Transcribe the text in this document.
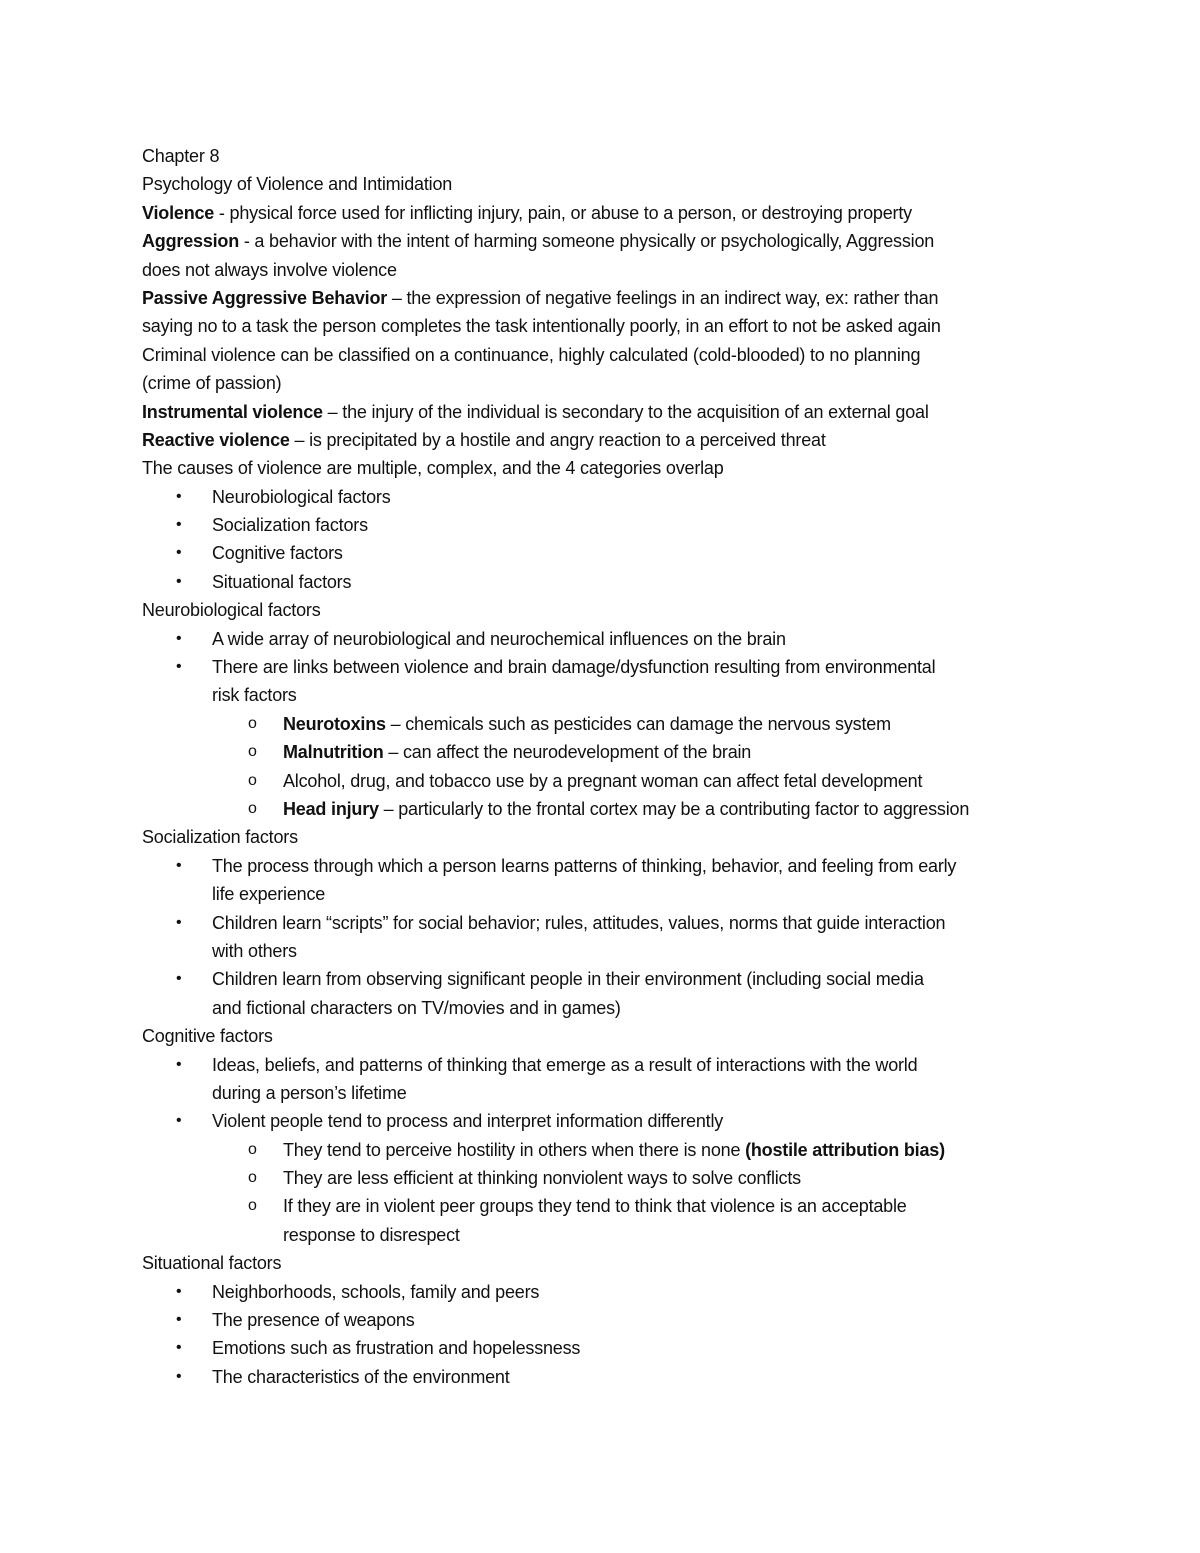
Chapter 8
Psychology of Violence and Intimidation
Violence - physical force used for inflicting injury, pain, or abuse to a person, or destroying property
Aggression - a behavior with the intent of harming someone physically or psychologically, Aggression
does not always involve violence
Passive Aggressive Behavior – the expression of negative feelings in an indirect way, ex: rather than
saying no to a task the person completes the task intentionally poorly, in an effort to not be asked again
Criminal violence can be classified on a continuance, highly calculated (cold-blooded) to no planning
(crime of passion)
Instrumental violence – the injury of the individual is secondary to the acquisition of an external goal
Reactive violence – is precipitated by a hostile and angry reaction to a perceived threat
The causes of violence are multiple, complex, and the 4 categories overlap
• Neurobiological factors
• Socialization factors
• Cognitive factors
• Situational factors
Neurobiological factors
• A wide array of neurobiological and neurochemical influences on the brain
• There are links between violence and brain damage/dysfunction resulting from environmental
risk factors
o Neurotoxins – chemicals such as pesticides can damage the nervous system
o Malnutrition – can affect the neurodevelopment of the brain
o Alcohol, drug, and tobacco use by a pregnant woman can affect fetal development
o Head injury – particularly to the frontal cortex may be a contributing factor to aggression
Socialization factors
• The process through which a person learns patterns of thinking, behavior, and feeling from early
life experience
• Children learn “scripts” for social behavior; rules, attitudes, values, norms that guide interaction
with others
• Children learn from observing significant people in their environment (including social media
and fictional characters on TV/movies and in games)
Cognitive factors
• Ideas, beliefs, and patterns of thinking that emerge as a result of interactions with the world
during a person’s lifetime
• Violent people tend to process and interpret information differently
o They tend to perceive hostility in others when there is none (hostile attribution bias)
o They are less efficient at thinking nonviolent ways to solve conflicts
o If they are in violent peer groups they tend to think that violence is an acceptable
response to disrespect
Situational factors
• Neighborhoods, schools, family and peers
• The presence of weapons
• Emotions such as frustration and hopelessness
• The characteristics of the environment
